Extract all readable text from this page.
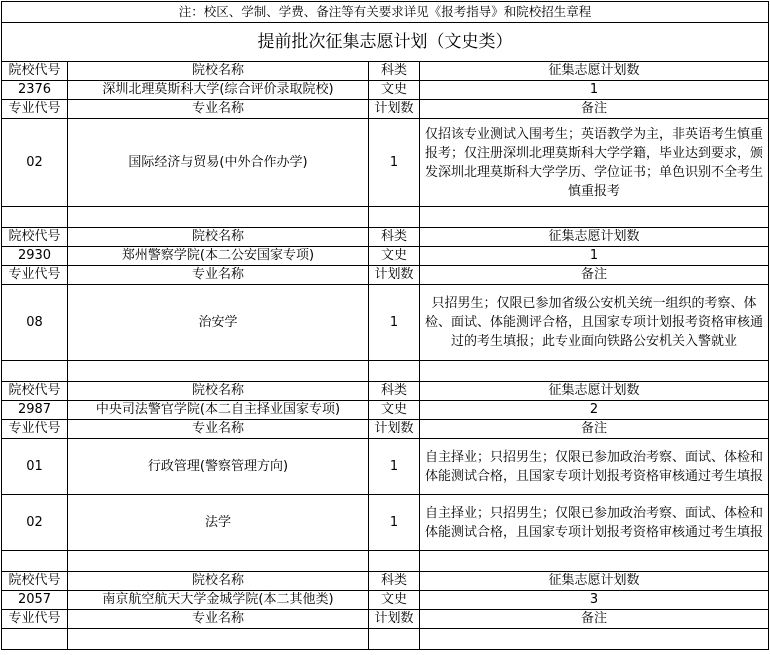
注：校区、学制、学费、备注等有关要求详见《报考指导》和院校招生章程			
提前批次征集志愿计划（文史类）			
院校代号	院校名称	科类	征集志愿计划数
2376	深圳北理莫斯科大学(综合评价录取院校)	文史	1
专业代号	专业名称	计划数	备注
02	国际经济与贸易(中外合作办学)	1	仅招该专业测试入围考生；英语教学为主，非英语考生慎重报考；仅注册深圳北理莫斯科大学学籍，毕业达到要求，颁发深圳北理莫斯科大学学历、学位证书；单色识别不全考生慎重报考

院校代号	院校名称	科类	征集志愿计划数
2930	郑州警察学院(本二公安国家专项)	文史	1
专业代号	专业名称	计划数	备注
08	治安学	1	只招男生；仅限已参加省级公安机关统一组织的考察、体检、面试、体能测评合格，且国家专项计划报考资格审核通过的考生填报；此专业面向铁路公安机关入警就业

院校代号	院校名称	科类	征集志愿计划数
2987	中央司法警官学院(本二自主择业国家专项)	文史	2
专业代号	专业名称	计划数	备注
01	行政管理(警察管理方向)	1	自主择业；只招男生；仅限已参加政治考察、面试、体检和体能测试合格，且国家专项计划报考资格审核通过考生填报
02	法学	1	自主择业；只招男生；仅限已参加政治考察、面试、体检和体能测试合格，且国家专项计划报考资格审核通过考生填报

院校代号	院校名称	科类	征集志愿计划数
2057	南京航空航天大学金城学院(本二其他类)	文史	3
专业代号	专业名称	计划数	备注
